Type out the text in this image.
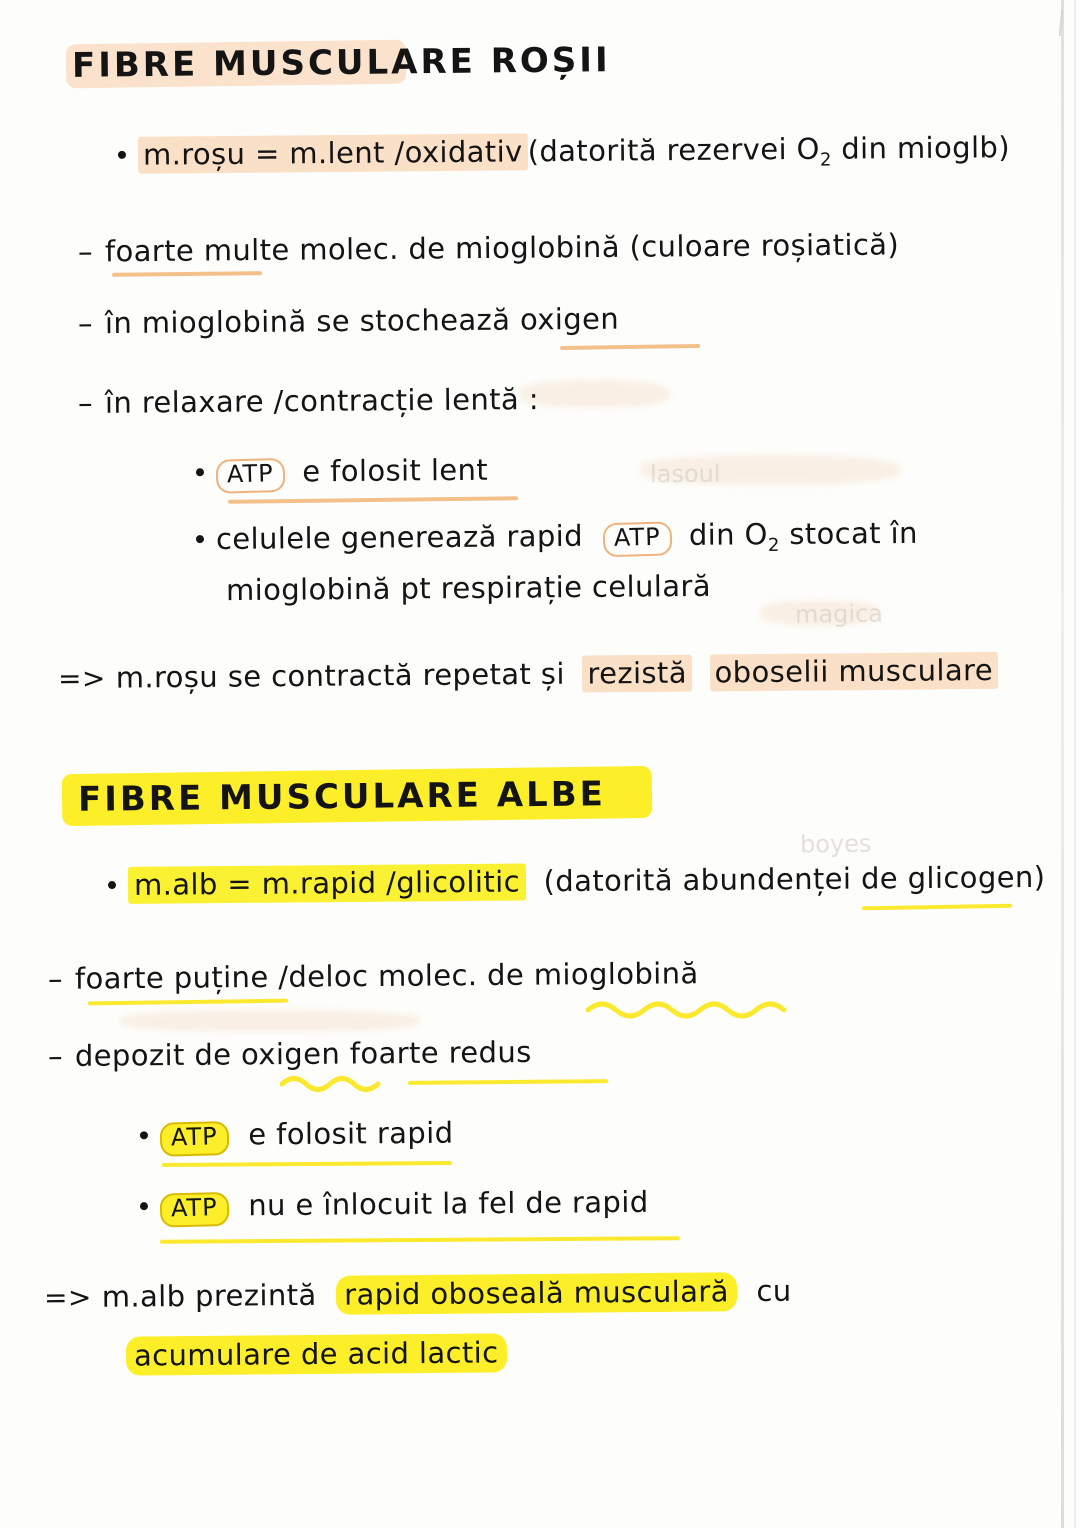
lasoul
magica
boyes
FIBRE MUSCULARE ROȘII
m.roșu = m.lent /oxidativ (datorită rezervei $O_2$ din mioglb)
– foarte multe molec. de mioglobină (culoare roșiatică)
– în mioglobină se stochează oxigen
– în relaxare /contracție lentă :
ATP e folosit lent
celulele generează rapid ATP din $O_2$ stocat în
mioglobină pt respirație celulară
=> m.roșu se contractă repetat și rezistă oboselii musculare
FIBRE MUSCULARE ALBE
m.alb = m.rapid /glicolitic (datorită abundenței de glicogen)
– foarte puține /deloc molec. de mioglobină
– depozit de oxigen foarte redus
ATP e folosit rapid
ATP nu e înlocuit la fel de rapid
=> m.alb prezintă rapid oboseală musculară cu
acumulare de acid lactic
